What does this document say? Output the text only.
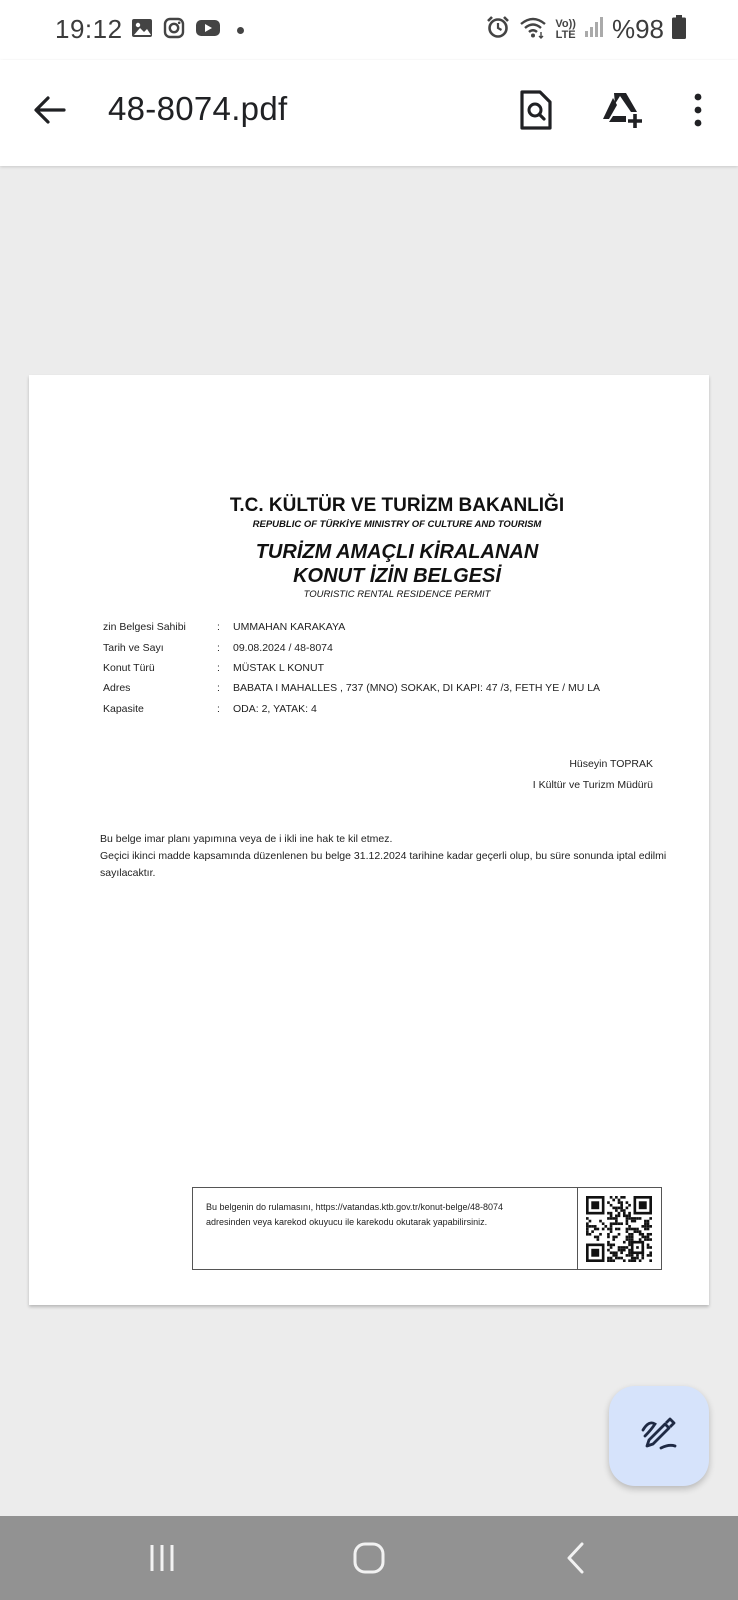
19:12	Vo))
LTE %98
48-8074.pdf
T.C. KÜLTÜR VE TURİZM BAKANLIĞI
REPUBLIC OF TÜRKİYE MINISTRY OF CULTURE AND TOURISM
TURİZM AMAÇLI KİRALANAN
KONUT İZİN BELGESİ
TOURISTIC RENTAL RESIDENCE PERMIT
zin Belgesi Sahibi	: UMMAHAN KARAKAYA
Tarih ve Sayı	: 09.08.2024 / 48-8074
Konut Türü	: MÜSTAK L KONUT
Adres	: BABATA I MAHALLES , 737 (MNO) SOKAK, DI KAPI: 47 /3, FETH YE / MU LA
Kapasite	: ODA: 2, YATAK: 4
Hüseyin TOPRAK
I Kültür ve Turizm Müdürü
Bu belge imar planı yapımına veya de i ikli ine hak te kil etmez.
Geçici ikinci madde kapsamında düzenlenen bu belge 31.12.2024 tarihine kadar geçerli olup, bu süre sonunda iptal edilmi sayılacaktır.
Bu belgenin do rulamasını, https://vatandas.ktb.gov.tr/konut-belge/48-8074
adresinden veya karekod okuyucu ile karekodu okutarak yapabilirsiniz.
